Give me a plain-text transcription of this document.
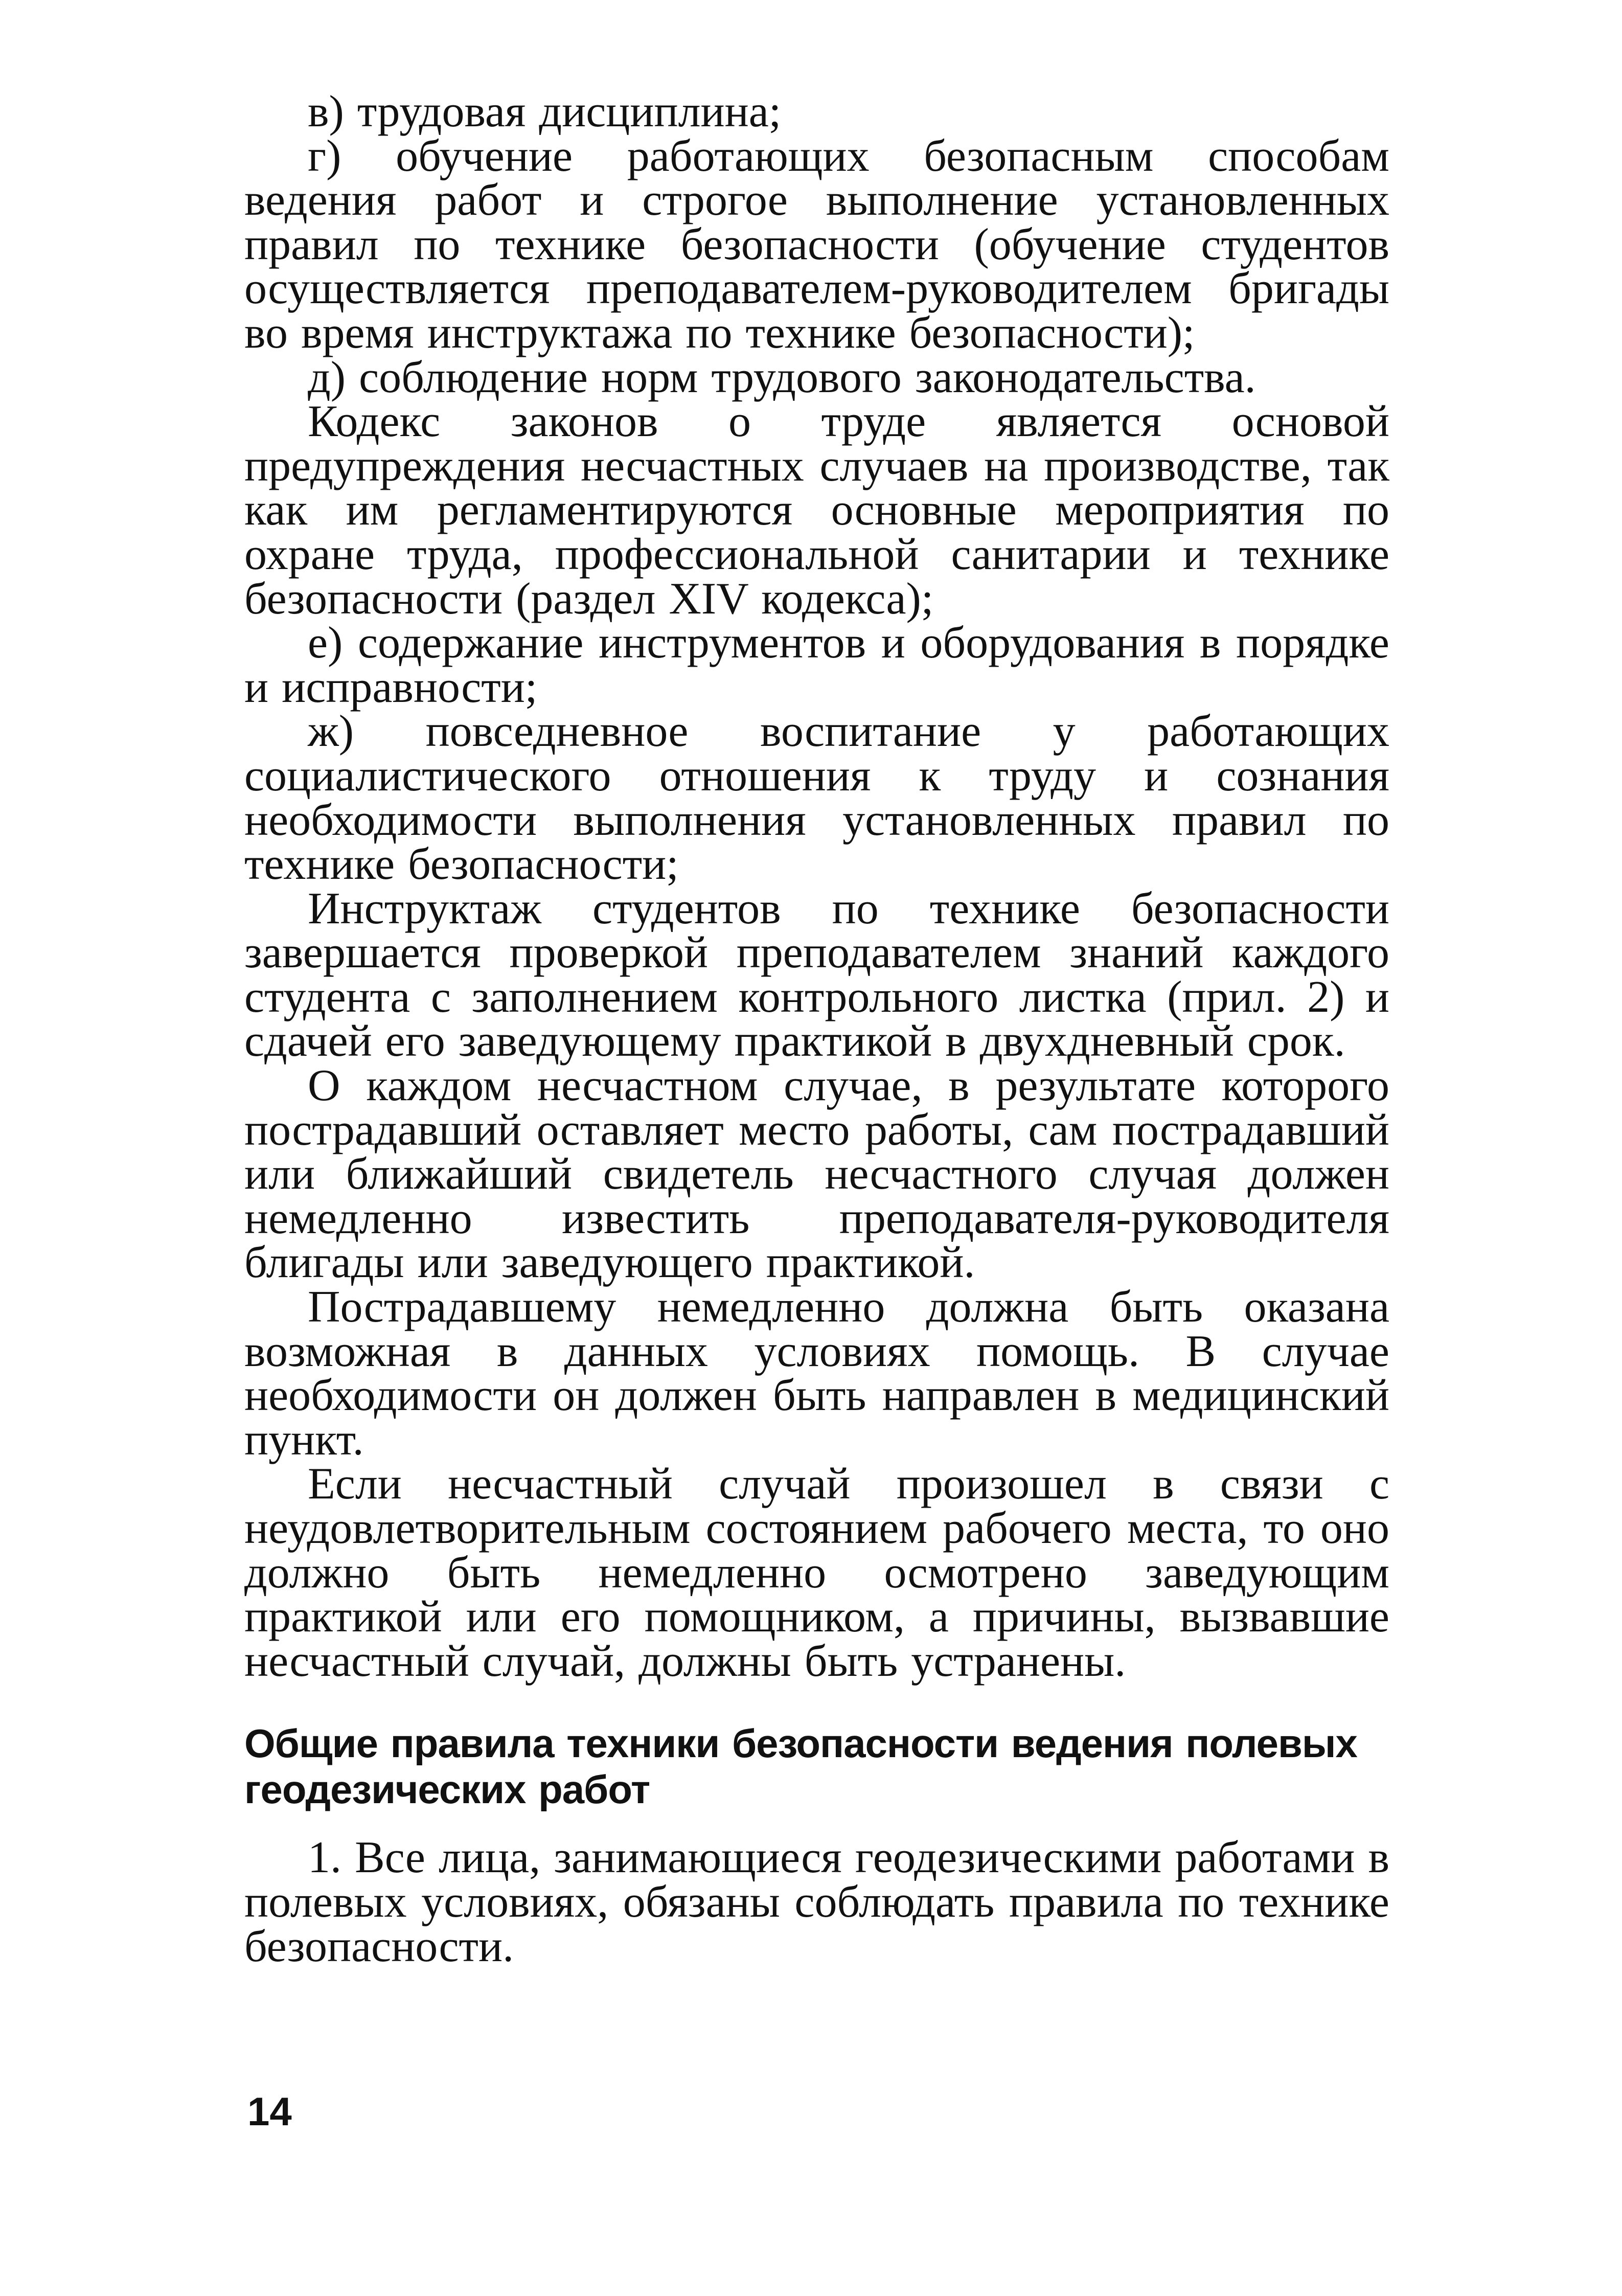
в) трудовая дисциплина;

г) обучение работающих безопасным способам ведения работ и строгое выполнение установленных правил по технике безопасности (обучение студентов осуществляется преподавателем-руководителем бригады во время инструктажа по технике безопасности);

д) соблюдение норм трудового законодательства.

Кодекс законов о труде является основой предупреждения несчастных случаев на производстве, так как им регламентируются основные мероприятия по охране труда, профессиональной санитарии и технике безопасности (раздел XIV кодекса);

е) содержание инструментов и оборудования в порядке и исправности;

ж) повседневное воспитание у работающих социалистического отношения к труду и сознания необходимости выполнения установленных правил по технике безопасности;

Инструктаж студентов по технике безопасности завершается проверкой преподавателем знаний каждого студента с заполнением контрольного листка (прил. 2) и сдачей его заведующему практикой в двухдневный срок.

О каждом несчастном случае, в результате которого пострадавший оставляет место работы, сам пострадавший или ближайший свидетель несчастного случая должен немедленно известить преподавателя-руководителя блигады или заведующего практикой.

Пострадавшему немедленно должна быть оказана возможная в данных условиях помощь. В случае необходимости он должен быть направлен в медицинский пункт.

Если несчастный случай произошел в связи с неудовлетворительным состоянием рабочего места, то оно должно быть немедленно осмотрено заведующим практикой или его помощником, а причины, вызвавшие несчастный случай, должны быть устранены.

Общие правила техники безопасности ведения полевых геодезических работ

1. Все лица, занимающиеся геодезическими работами в полевых условиях, обязаны соблюдать правила по технике безопасности.

14
